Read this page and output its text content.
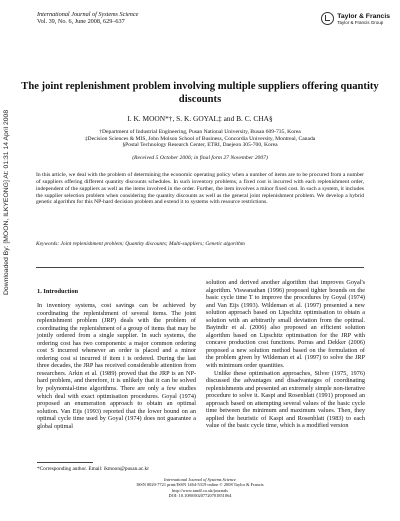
International Journal of Systems Science
Vol. 39, No. 6, June 2008, 629–637
Taylor & Francis
Taylor & Francis Group
Downloaded By: [MOON, ILKYEONG] At: 01:31 14 April 2008
The joint replenishment problem involving multiple suppliers offering quantity discounts
I. K. MOON*†, S. K. GOYAL‡ and B. C. CHA§
†Department of Industrial Engineering, Pusan National University, Busan 609-735, Korea
‡Decision Sciences & MIS, John Molson School of Business, Concordia University, Montreal, Canada
§Postal Technology Research Center, ETRI, Daejeon 305-700, Korea
(Received 5 October 2006; in final form 27 November 2007)
In this article, we deal with the problem of determining the economic operating policy when a number of items are to be procured from a number of suppliers offering different quantity discounts schedules. In such inventory problems, a fixed cost is incurred with each replenishment order, independent of the suppliers as well as the items involved in the order. Further, the item involves a minor fixed cost. In such a system, it includes the supplier selection problem when considering the quantity discounts as well as the general joint replenishment problem. We develop a hybrid genetic algorithm for this NP-hard decision problem and extend it to systems with resource restrictions.
Keywords: Joint replenishment problem; Quantity discounts; Multi-suppliers; Genetic algorithm
1. Introduction

In inventory systems, cost savings can be achieved by coordinating the replenishment of several items. The joint replenishment problem (JRP) deals with the problem of coordinating the replenishment of a group of items that may be jointly ordered from a single supplier. In such systems, the ordering cost has two components: a major common ordering cost S incurred whenever an order is placed and a minor ordering cost si incurred if item i is ordered. During the last three decades, the JRP has received considerable attention from researchers. Arkin et al. (1989) proved that the JRP is an NP-hard problem, and therefore, it is unlikely that it can be solved by polynomial-time algorithms. There are only a few studies which deal with exact optimisation procedures. Goyal (1974) proposed an enumeration approach to obtain an optimal solution. Van Eijs (1993) reported that the lower bound on an optimal cycle time used by Goyal (1974) does not guarantee a global optimal

solution and derived another algorithm that improves Goyal's algorithm. Viswanathan (1996) proposed tighter bounds on the basic cycle time T to improve the procedures by Goyal (1974) and Van Eijs (1993). Wildeman et al. (1997) presented a new solution approach based on Lipschitz optimisation to obtain a solution with an arbitrarily small deviation from the optimal. Bayindir et al. (2006) also proposed an efficient solution algorithm based on Lipschitz optimisation for the JRP with concave production cost functions. Porras and Dekker (2006) proposed a new solution method based on the formulation of the problem given by Wildeman et al. (1997) to solve the JRP with minimum order quantities.

Unlike these optimisation approaches, Silver (1975, 1976) discussed the advantages and disadvantages of coordinating replenishments and presented an extremely simple non-iterative procedure to solve it. Kaspi and Rosenblatt (1991) proposed an approach based on attempting several values of the basic cycle time between the minimum and maximum values. Then, they applied the heuristic of Kaspi and Rosenblatt (1983) to each value of the basic cycle time, which is a modified version

*Corresponding author. Email: ikmoon@pusan.ac.kr
International Journal of Systems Science
ISSN 0020-7721 print/ISSN 1464-5319 online © 2008 Taylor & Francis
http://www.tandf.co.uk/journals
DOI: 10.1080/00207720701851064
